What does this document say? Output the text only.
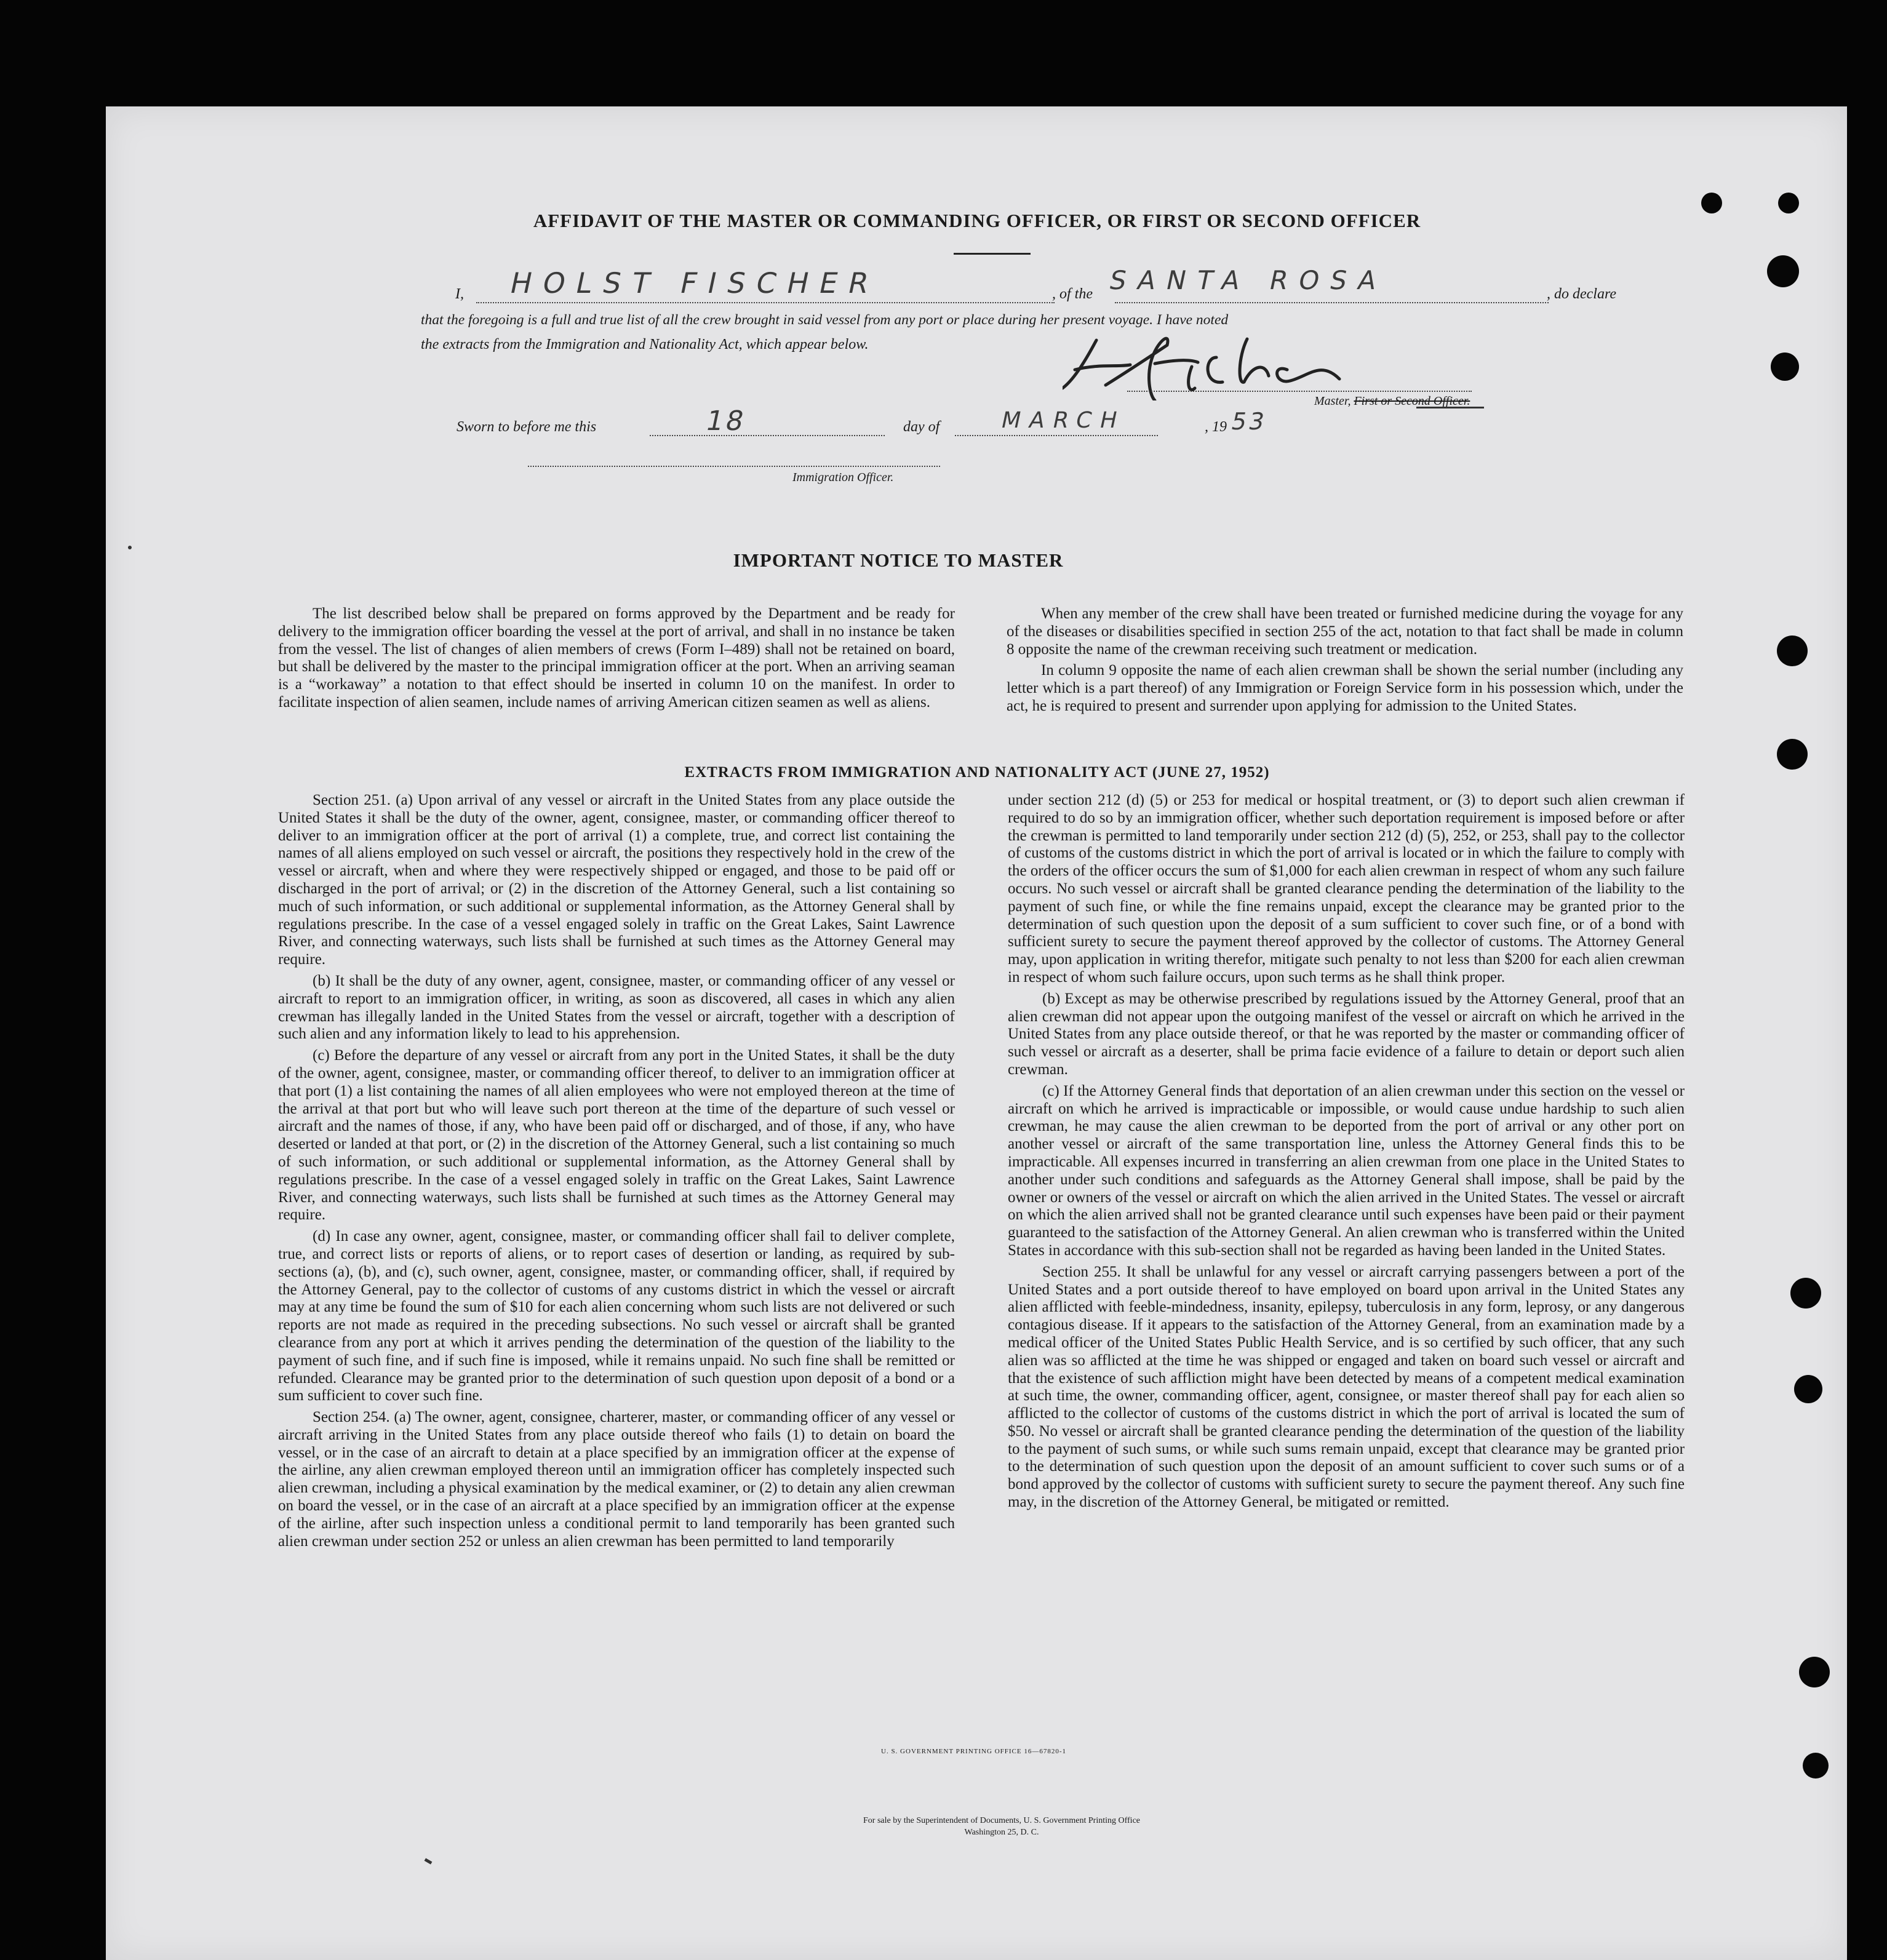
AFFIDAVIT OF THE MASTER OR COMMANDING OFFICER, OR FIRST OR SECOND OFFICER
I, HOLST FISCHER	, of the SANTA ROSA	, do declare
that the foregoing is a full and true list of all the crew brought in said vessel from any port or place during her present voyage. I have noted
the extracts from the Immigration and Nationality Act, which appear below.
Master, First or Second Officer.
Sworn to before me this	18	day of	MARCH	, 19 53
Immigration Officer.
IMPORTANT NOTICE TO MASTER

The list described below shall be prepared on forms approved by the Department and be ready for delivery to the immigration officer boarding the vessel at the port of arrival, and shall in no instance be taken from the vessel. The list of changes of alien members of crews (Form I–489) shall not be retained on board, but shall be delivered by the master to the principal immigration officer at the port. When an arriving seaman is a “workaway” a notation to that effect should be inserted in column 10 on the manifest. In order to facilitate inspection of alien seamen, include names of arriving American citizen seamen as well as aliens.

When any member of the crew shall have been treated or furnished medicine during the voyage for any of the diseases or disabilities specified in section 255 of the act, notation to that fact shall be made in column 8 opposite the name of the crewman receiving such treatment or medication.

In column 9 opposite the name of each alien crewman shall be shown the serial number (including any letter which is a part thereof) of any Immigration or Foreign Service form in his possession which, under the act, he is required to present and surrender upon applying for admission to the United States.

EXTRACTS FROM IMMIGRATION AND NATIONALITY ACT (JUNE 27, 1952)

Section 251. (a) Upon arrival of any vessel or aircraft in the United States from any place outside the United States it shall be the duty of the owner, agent, consignee, master, or commanding officer thereof to deliver to an immigration officer at the port of arrival (1) a complete, true, and correct list containing the names of all aliens employed on such vessel or aircraft, the positions they respectively hold in the crew of the vessel or aircraft, when and where they were respectively shipped or engaged, and those to be paid off or discharged in the port of arrival; or (2) in the discretion of the Attorney General, such a list containing so much of such information, or such additional or supplemental information, as the Attorney General shall by regulations prescribe. In the case of a vessel engaged solely in traffic on the Great Lakes, Saint Lawrence River, and connecting waterways, such lists shall be furnished at such times as the Attorney General may require.

(b) It shall be the duty of any owner, agent, consignee, master, or commanding officer of any vessel or aircraft to report to an immigration officer, in writing, as soon as discovered, all cases in which any alien crewman has illegally landed in the United States from the vessel or aircraft, together with a description of such alien and any information likely to lead to his apprehension.

(c) Before the departure of any vessel or aircraft from any port in the United States, it shall be the duty of the owner, agent, consignee, master, or commanding officer thereof, to deliver to an immigration officer at that port (1) a list containing the names of all alien employees who were not employed thereon at the time of the arrival at that port but who will leave such port thereon at the time of the departure of such vessel or aircraft and the names of those, if any, who have been paid off or discharged, and of those, if any, who have deserted or landed at that port, or (2) in the discretion of the Attorney General, such a list containing so much of such information, or such additional or supplemental information, as the Attorney General shall by regulations prescribe. In the case of a vessel engaged solely in traffic on the Great Lakes, Saint Lawrence River, and connecting waterways, such lists shall be furnished at such times as the Attorney General may require.

(d) In case any owner, agent, consignee, master, or commanding officer shall fail to deliver complete, true, and correct lists or reports of aliens, or to report cases of desertion or landing, as required by sub-sections (a), (b), and (c), such owner, agent, consignee, master, or commanding officer, shall, if required by the Attorney General, pay to the collector of customs of any customs district in which the vessel or aircraft may at any time be found the sum of $10 for each alien concerning whom such lists are not delivered or such reports are not made as required in the preceding subsections. No such vessel or aircraft shall be granted clearance from any port at which it arrives pending the determination of the question of the liability to the payment of such fine, and if such fine is imposed, while it remains unpaid. No such fine shall be remitted or refunded. Clearance may be granted prior to the determination of such question upon deposit of a bond or a sum sufficient to cover such fine.

Section 254. (a) The owner, agent, consignee, charterer, master, or commanding officer of any vessel or aircraft arriving in the United States from any place outside thereof who fails (1) to detain on board the vessel, or in the case of an aircraft to detain at a place specified by an immigration officer at the expense of the airline, any alien crewman employed thereon until an immigration officer has completely inspected such alien crewman, including a physical examination by the medical examiner, or (2) to detain any alien crewman on board the vessel, or in the case of an aircraft at a place specified by an immigration officer at the expense of the airline, after such inspection unless a conditional permit to land temporarily has been granted such alien crewman under section 252 or unless an alien crewman has been permitted to land temporarily

under section 212 (d) (5) or 253 for medical or hospital treatment, or (3) to deport such alien crewman if required to do so by an immigration officer, whether such deportation requirement is imposed before or after the crewman is permitted to land temporarily under section 212 (d) (5), 252, or 253, shall pay to the collector of customs of the customs district in which the port of arrival is located or in which the failure to comply with the orders of the officer occurs the sum of $1,000 for each alien crewman in respect of whom any such failure occurs. No such vessel or aircraft shall be granted clearance pending the determination of the liability to the payment of such fine, or while the fine remains unpaid, except the clearance may be granted prior to the determination of such question upon the deposit of a sum sufficient to cover such fine, or of a bond with sufficient surety to secure the payment thereof approved by the collector of customs. The Attorney General may, upon application in writing therefor, mitigate such penalty to not less than $200 for each alien crewman in respect of whom such failure occurs, upon such terms as he shall think proper.

(b) Except as may be otherwise prescribed by regulations issued by the Attorney General, proof that an alien crewman did not appear upon the outgoing manifest of the vessel or aircraft on which he arrived in the United States from any place outside thereof, or that he was reported by the master or commanding officer of such vessel or aircraft as a deserter, shall be prima facie evidence of a failure to detain or deport such alien crewman.

(c) If the Attorney General finds that deportation of an alien crewman under this section on the vessel or aircraft on which he arrived is impracticable or impossible, or would cause undue hardship to such alien crewman, he may cause the alien crewman to be deported from the port of arrival or any other port on another vessel or aircraft of the same transportation line, unless the Attorney General finds this to be impracticable. All expenses incurred in transferring an alien crewman from one place in the United States to another under such conditions and safeguards as the Attorney General shall impose, shall be paid by the owner or owners of the vessel or aircraft on which the alien arrived in the United States. The vessel or aircraft on which the alien arrived shall not be granted clearance until such expenses have been paid or their payment guaranteed to the satisfaction of the Attorney General. An alien crewman who is transferred within the United States in accordance with this sub-section shall not be regarded as having been landed in the United States.

Section 255. It shall be unlawful for any vessel or aircraft carrying passengers between a port of the United States and a port outside thereof to have employed on board upon arrival in the United States any alien afflicted with feeble-mindedness, insanity, epilepsy, tuberculosis in any form, leprosy, or any dangerous contagious disease. If it appears to the satisfaction of the Attorney General, from an examination made by a medical officer of the United States Public Health Service, and is so certified by such officer, that any such alien was so afflicted at the time he was shipped or engaged and taken on board such vessel or aircraft and that the existence of such affliction might have been detected by means of a competent medical examination at such time, the owner, commanding officer, agent, consignee, or master thereof shall pay for each alien so afflicted to the collector of customs of the customs district in which the port of arrival is located the sum of $50. No vessel or aircraft shall be granted clearance pending the determination of the question of the liability to the payment of such sums, or while such sums remain unpaid, except that clearance may be granted prior to the determination of such question upon the deposit of an amount sufficient to cover such sums or of a bond approved by the collector of customs with sufficient surety to secure the payment thereof. Any such fine may, in the discretion of the Attorney General, be mitigated or remitted.

U. S. GOVERNMENT PRINTING OFFICE 16—67820-1
For sale by the Superintendent of Documents, U. S. Government Printing Office
Washington 25, D. C.
